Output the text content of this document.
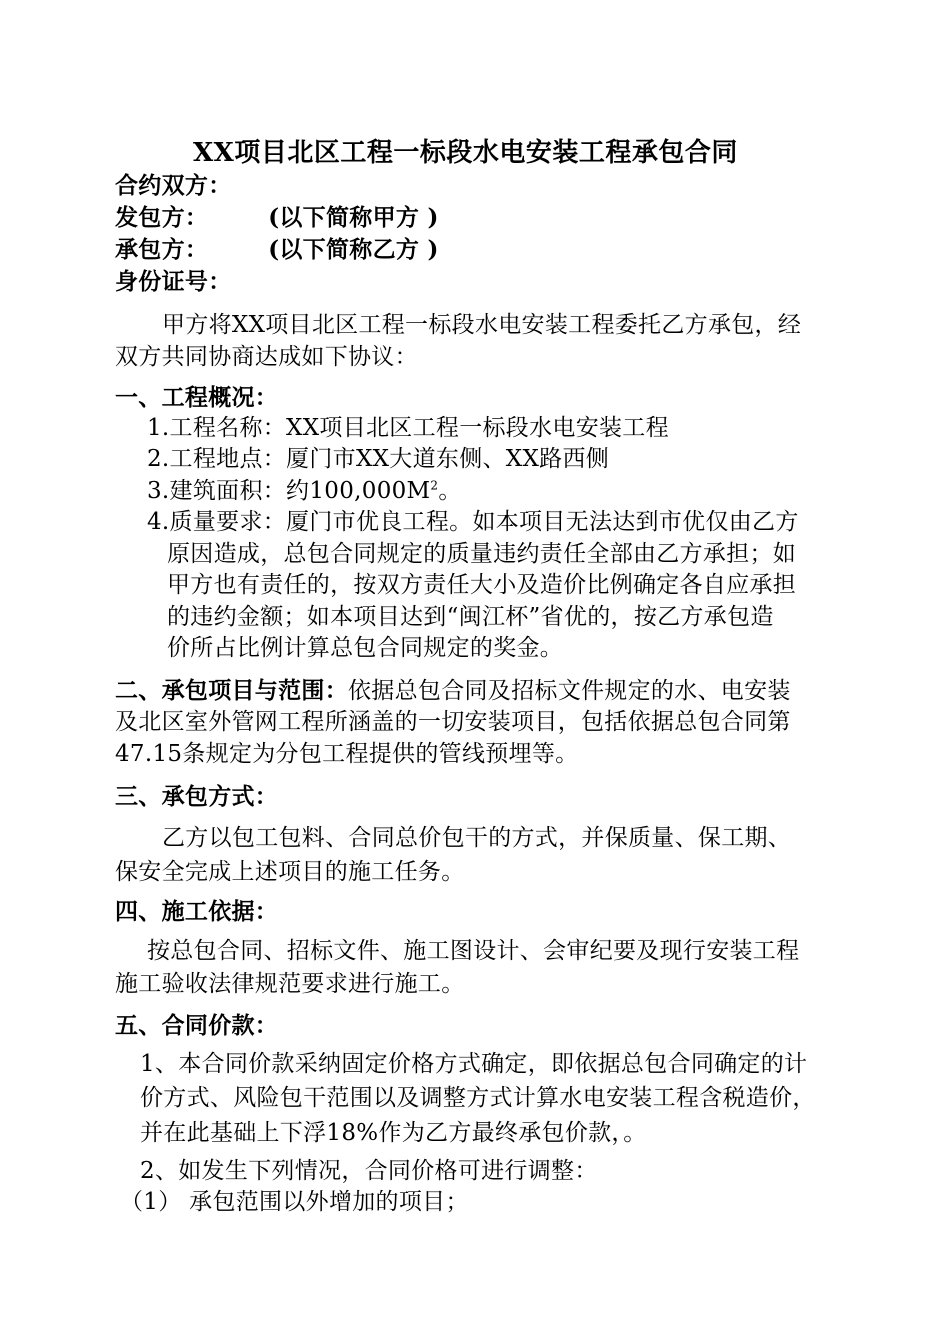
XX项目北区工程一标段水电安装工程承包合同
合约双方：
发包方：	(以下简称甲方 )
承包方：	(以下简称乙方 )
身份证号：
甲方将XX项目北区工程一标段水电安装工程委托乙方承包，经
双方共同协商达成如下协议：
一、工程概况：
1.工程名称：XX项目北区工程一标段水电安装工程
2.工程地点：厦门市XX大道东侧、XX路西侧
3.建筑面积：约$100,000M^2$。
4.质量要求：厦门市优良工程。如本项目无法达到市优仅由乙方
原因造成，总包合同规定的质量违约责任全部由乙方承担；如
甲方也有责任的，按双方责任大小及造价比例确定各自应承担
的违约金额；如本项目达到“闽江杯”省优的，按乙方承包造
价所占比例计算总包合同规定的奖金。
二、承包项目与范围：依据总包合同及招标文件规定的水、电安装
及北区室外管网工程所涵盖的一切安装项目，包括依据总包合同第
47.15条规定为分包工程提供的管线预埋等。
三、承包方式：
乙方以包工包料、合同总价包干的方式，并保质量、保工期、
保安全完成上述项目的施工任务。
四、施工依据：
按总包合同、招标文件、施工图设计、会审纪要及现行安装工程
施工验收法律规范要求进行施工。
五、合同价款：
1、本合同价款采纳固定价格方式确定，即依据总包合同确定的计
价方式、风险包干范围以及调整方式计算水电安装工程含税造价，
并在此基础上下浮18%作为乙方最终承包价款，。
2、如发生下列情况，合同价格可进行调整：
（1） 承包范围以外增加的项目；
